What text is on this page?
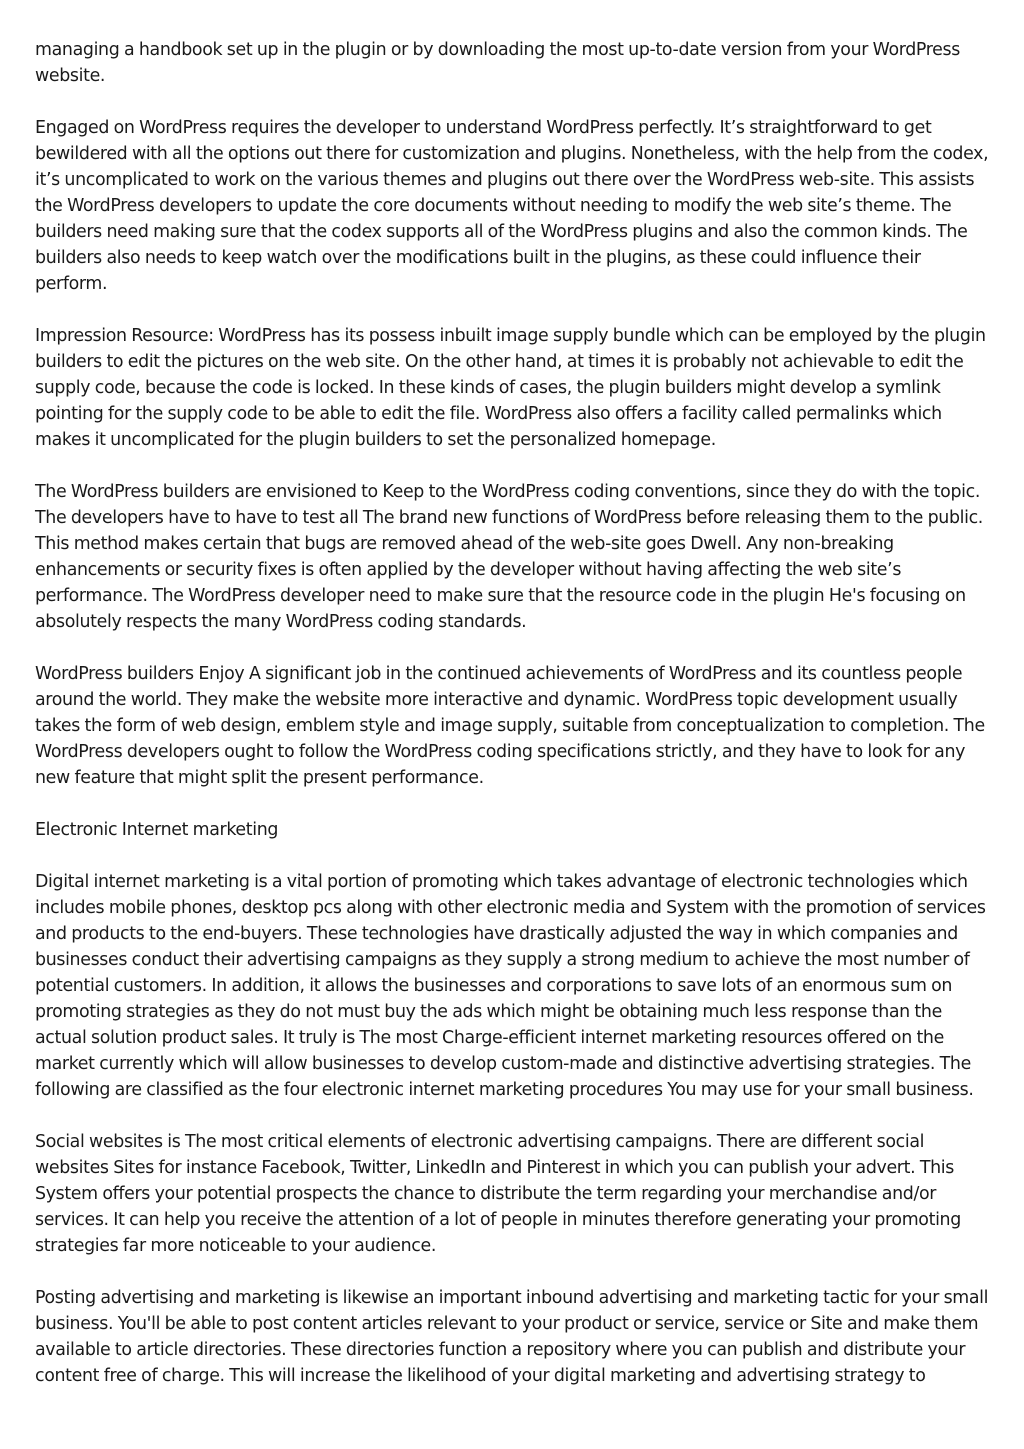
managing a handbook set up in the plugin or by downloading the most up-to-date version from your WordPress website.

Engaged on WordPress requires the developer to understand WordPress perfectly. It’s straightforward to get bewildered with all the options out there for customization and plugins. Nonetheless, with the help from the codex, it’s uncomplicated to work on the various themes and plugins out there over the WordPress web-site. This assists the WordPress developers to update the core documents without needing to modify the web site’s theme. The builders need making sure that the codex supports all of the WordPress plugins and also the common kinds. The builders also needs to keep watch over the modifications built in the plugins, as these could influence their perform.

Impression Resource: WordPress has its possess inbuilt image supply bundle which can be employed by the plugin builders to edit the pictures on the web site. On the other hand, at times it is probably not achievable to edit the supply code, because the code is locked. In these kinds of cases, the plugin builders might develop a symlink pointing for the supply code to be able to edit the file. WordPress also offers a facility called permalinks which makes it uncomplicated for the plugin builders to set the personalized homepage.

The WordPress builders are envisioned to Keep to the WordPress coding conventions, since they do with the topic. The developers have to have to test all The brand new functions of WordPress before releasing them to the public. This method makes certain that bugs are removed ahead of the web-site goes Dwell. Any non-breaking enhancements or security fixes is often applied by the developer without having affecting the web site’s performance. The WordPress developer need to make sure that the resource code in the plugin He's focusing on absolutely respects the many WordPress coding standards.

WordPress builders Enjoy A significant job in the continued achievements of WordPress and its countless people around the world. They make the website more interactive and dynamic. WordPress topic development usually takes the form of web design, emblem style and image supply, suitable from conceptualization to completion. The WordPress developers ought to follow the WordPress coding specifications strictly, and they have to look for any new feature that might split the present performance.

Electronic Internet marketing

Digital internet marketing is a vital portion of promoting which takes advantage of electronic technologies which includes mobile phones, desktop pcs along with other electronic media and System with the promotion of services and products to the end-buyers. These technologies have drastically adjusted the way in which companies and businesses conduct their advertising campaigns as they supply a strong medium to achieve the most number of potential customers. In addition, it allows the businesses and corporations to save lots of an enormous sum on promoting strategies as they do not must buy the ads which might be obtaining much less response than the actual solution product sales. It truly is The most Charge-efficient internet marketing resources offered on the market currently which will allow businesses to develop custom-made and distinctive advertising strategies. The following are classified as the four electronic internet marketing procedures You may use for your small business.

Social websites is The most critical elements of electronic advertising campaigns. There are different social websites Sites for instance Facebook, Twitter, LinkedIn and Pinterest in which you can publish your advert. This System offers your potential prospects the chance to distribute the term regarding your merchandise and/or services. It can help you receive the attention of a lot of people in minutes therefore generating your promoting strategies far more noticeable to your audience.

Posting advertising and marketing is likewise an important inbound advertising and marketing tactic for your small business. You'll be able to post content articles relevant to your product or service, service or Site and make them available to article directories. These directories function a repository where you can publish and distribute your content free of charge. This will increase the likelihood of your digital marketing and advertising strategy to
